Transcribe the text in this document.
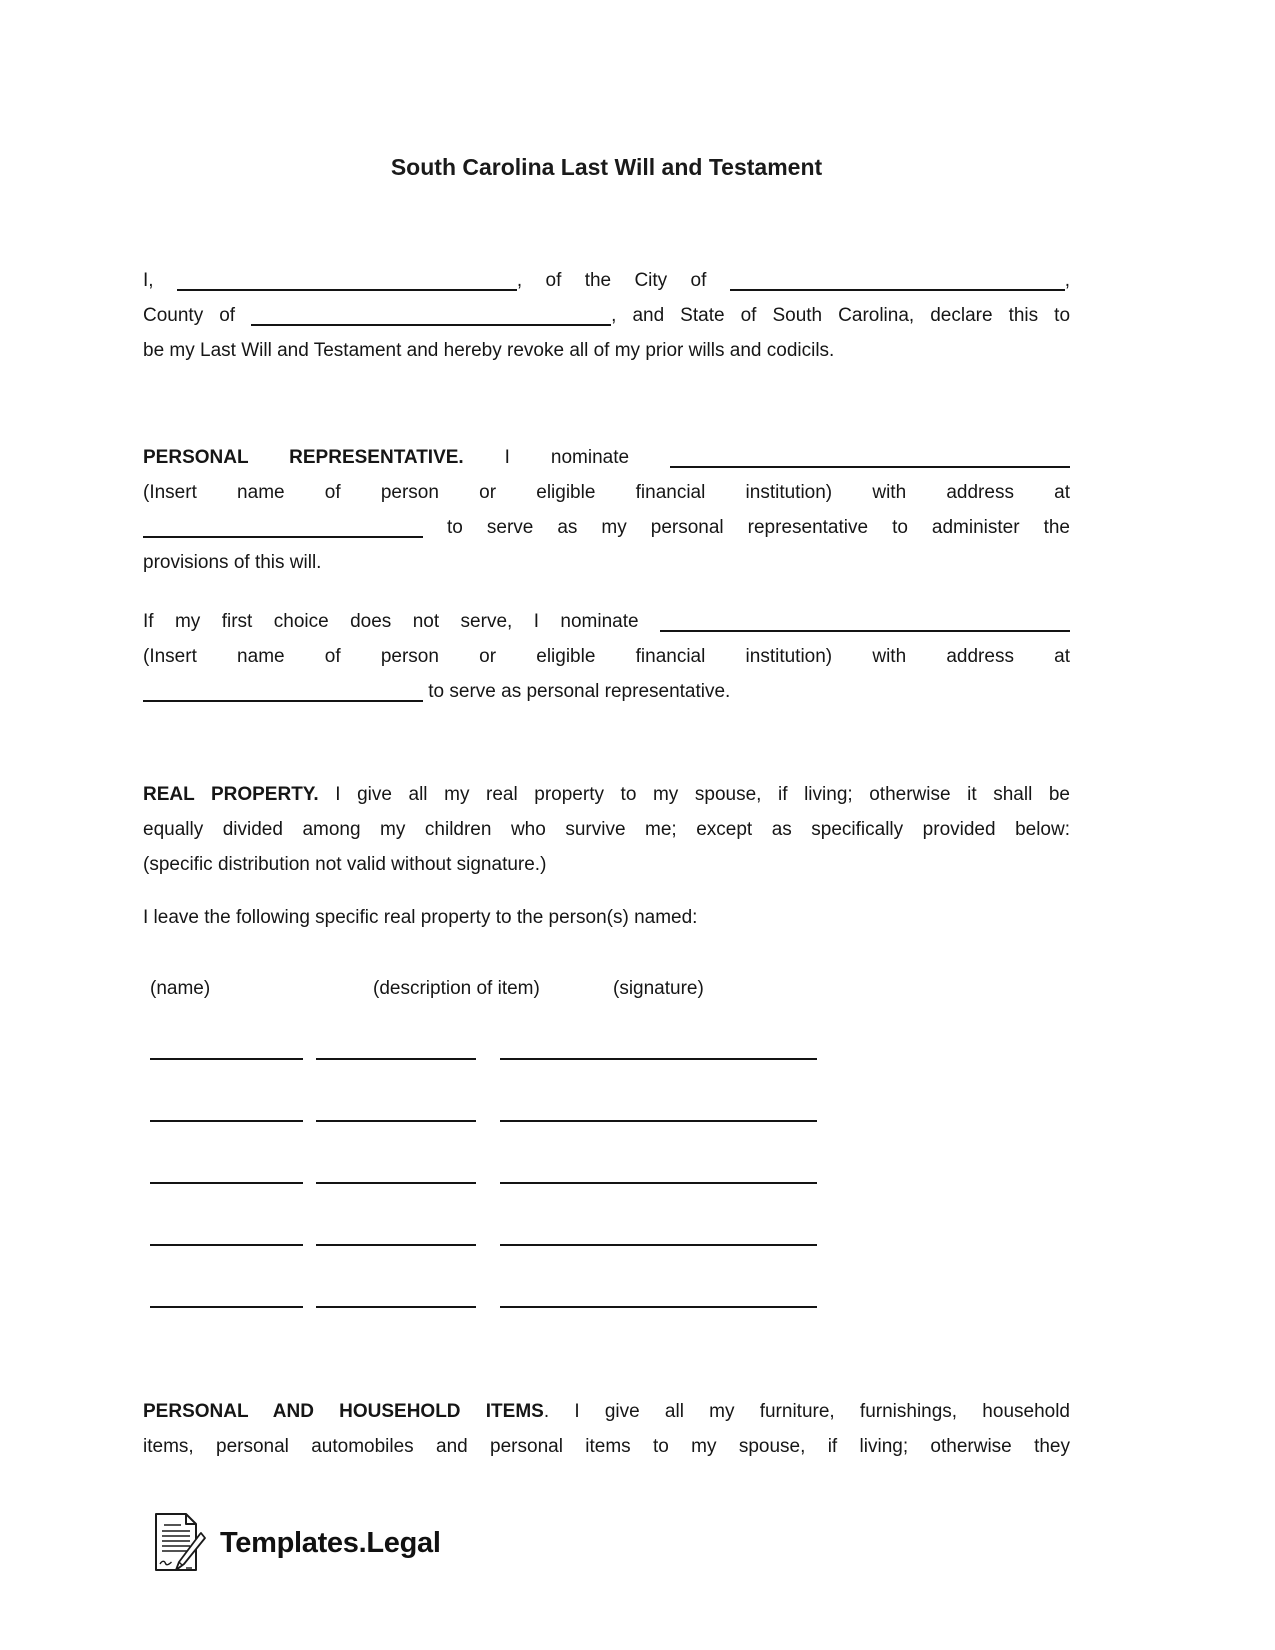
South Carolina Last Will and Testament
I,	, of the City of	,
County of	, and State of South Carolina, declare this to
be my Last Will and Testament and hereby revoke all of my prior wills and codicils.
PERSONAL REPRESENTATIVE. I nominate
(Insert name of person or eligible financial institution) with address at
to serve as my personal representative to administer the
provisions of this will.
If my first choice does not serve, I nominate
(Insert name of person or eligible financial institution) with address at
to serve as personal representative.
REAL PROPERTY. I give all my real property to my spouse, if living; otherwise it shall be
equally divided among my children who survive me; except as specifically provided below:
(specific distribution not valid without signature.)
I leave the following specific real property to the person(s) named:
(name)	(description of item)	(signature)
PERSONAL AND HOUSEHOLD ITEMS. I give all my furniture, furnishings, household
items, personal automobiles and personal items to my spouse, if living; otherwise they
Templates.Legal
